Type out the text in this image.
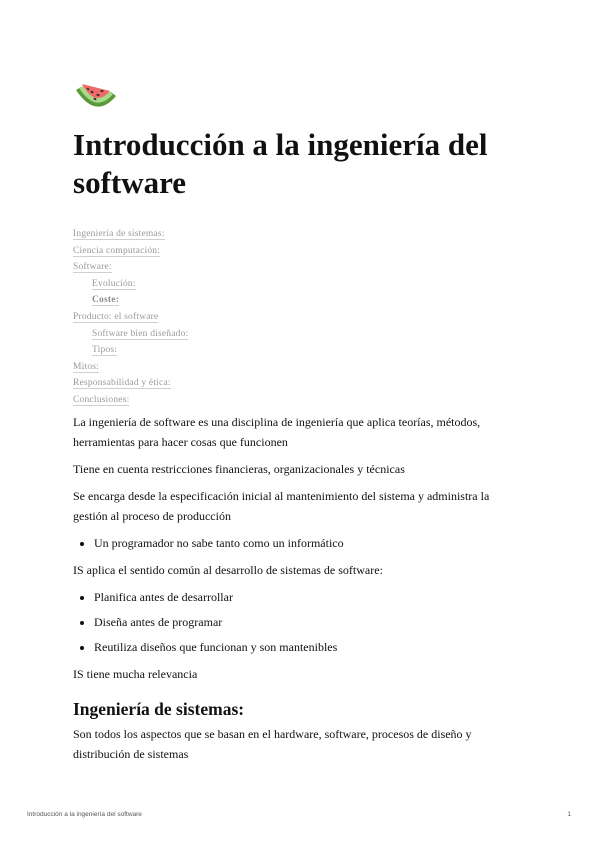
Introducción a la ingeniería del software
Ingeniería de sistemas:
Ciencia computación:
Software:
Evolución:
Coste:
Producto: el software
Software bien diseñado:
Tipos:
Mitos:
Responsabilidad y ética:
Conclusiones:

La ingeniería de software es una disciplina de ingeniería que aplica teorías, métodos, herramientas para hacer cosas que funcionen

Tiene en cuenta restricciones financieras, organizacionales y técnicas

Se encarga desde la especificación inicial al mantenimiento del sistema y administra la gestión al proceso de producción

• Un programador no sabe tanto como un informático

IS aplica el sentido común al desarrollo de sistemas de software:

• Planifica antes de desarrollar
• Diseña antes de programar
• Reutiliza diseños que funcionan y son mantenibles

IS tiene mucha relevancia

Ingeniería de sistemas:

Son todos los aspectos que se basan en el hardware, software, procesos de diseño y distribución de sistemas

Introducción a la ingeniería del software	1
